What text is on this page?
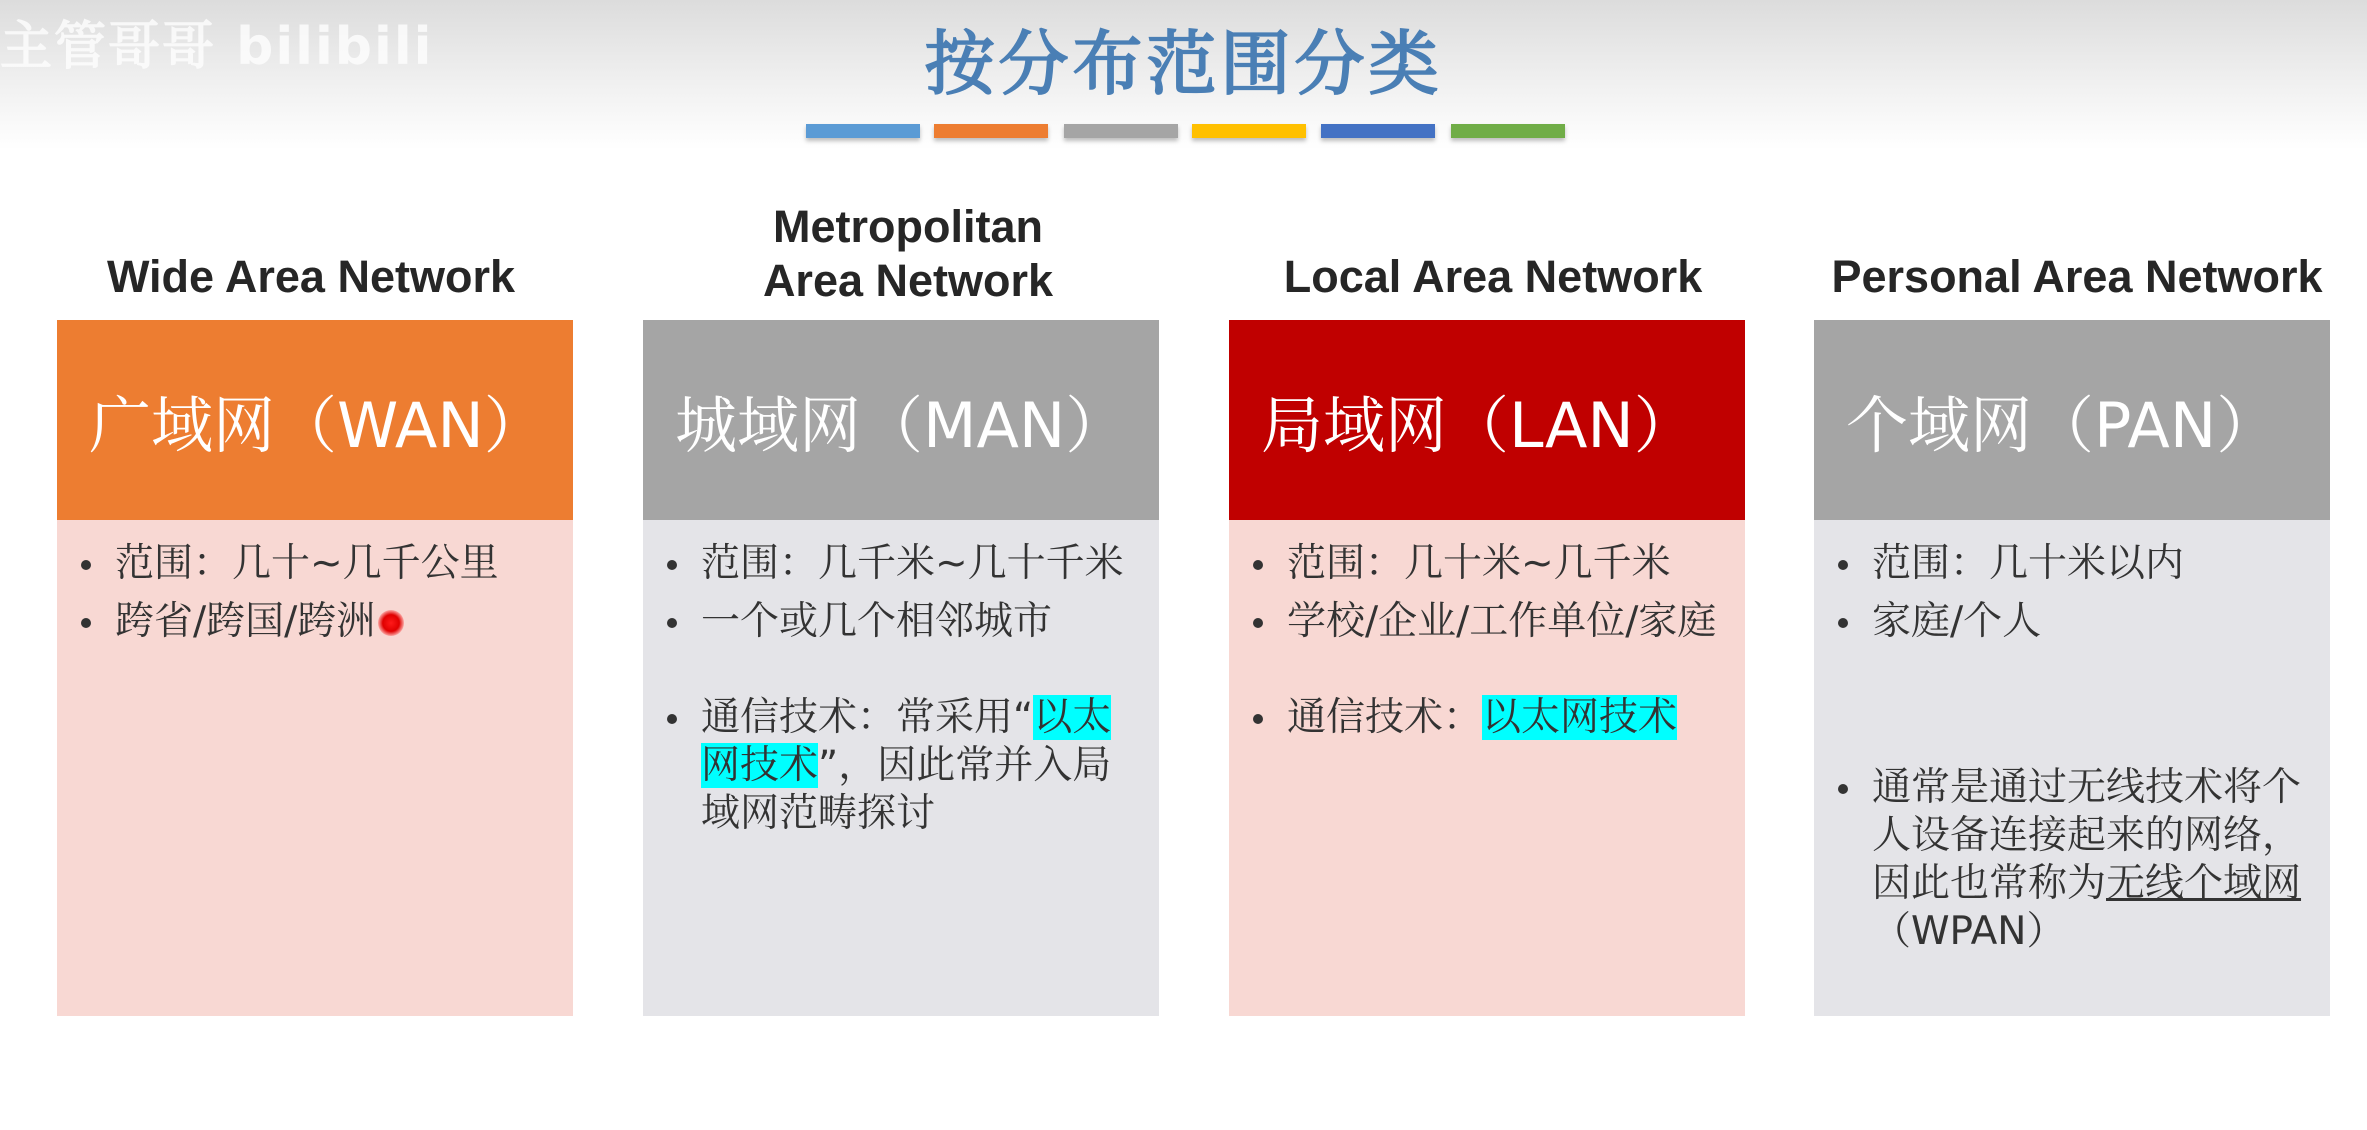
主管哥哥 bilibili	按分布范围分类
Wide Area Network
广域网（WAN）
范围：几十~几千公里
跨省/跨国/跨洲
Metropolitan Area Network
城域网（MAN）
范围：几千米~几十千米
一个或几个相邻城市
通信技术：常采用“以太网技术”，因此常并入局域网范畴探讨
Local Area Network
局域网（LAN）
范围：几十米~几千米
学校/企业/工作单位/家庭
通信技术：以太网技术
Personal Area Network
个域网（PAN）
范围：几十米以内
家庭/个人
通常是通过无线技术将个人设备连接起来的网络，因此也常称为无线个域网（WPAN）
